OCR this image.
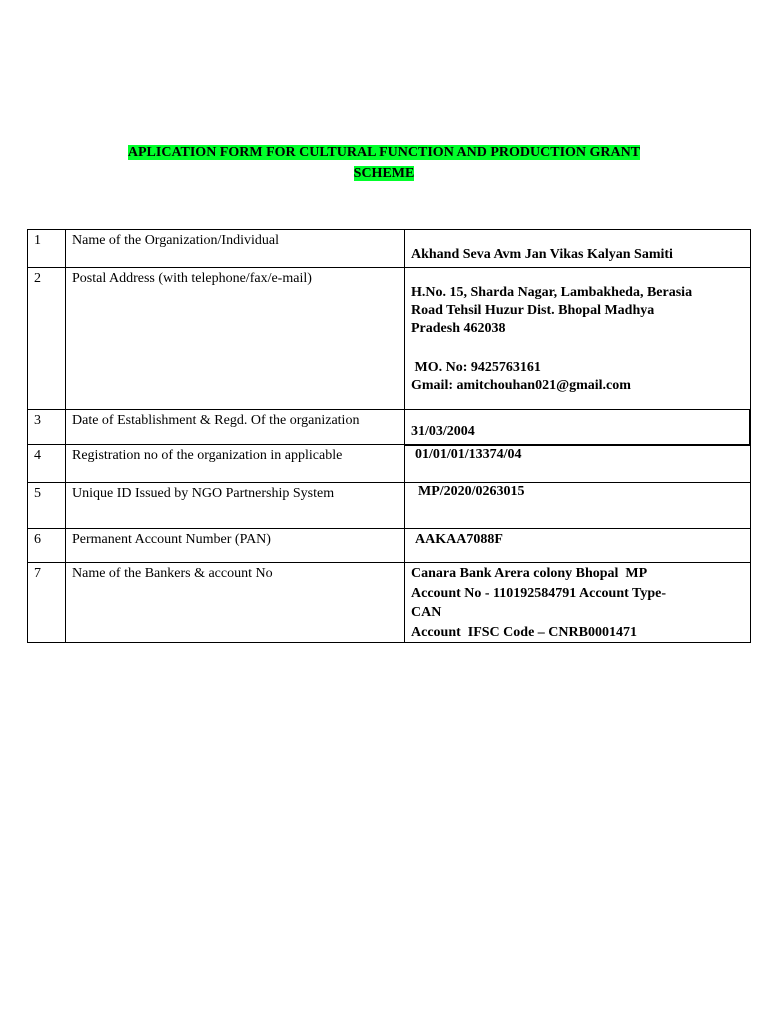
APLICATION FORM FOR CULTURAL FUNCTION AND PRODUCTION GRANT
SCHEME
1	Name of the Organization/Individual	Akhand Seva Avm Jan Vikas Kalyan Samiti

2	Postal Address (with telephone/fax/e-mail)	H.No. 15, Sharda Nagar, Lambakheda, Berasia
Road Tehsil Huzur Dist. Bhopal Madhya
Pradesh 462038
MO. No: 9425763161
Gmail: amitchouhan021@gmail.com

3	Date of Establishment & Regd. Of the organization	31/03/2004

4	Registration no of the organization in applicable	01/01/01/13374/04

5	Unique ID Issued by NGO Partnership System	MP/2020/0263015

6	Permanent Account Number (PAN)	AAKAA7088F

7	Name of the Bankers & account No	Canara Bank Arera colony Bhopal  MP
Account No - 110192584791 Account Type-
CAN
Account  IFSC Code – CNRB0001471
